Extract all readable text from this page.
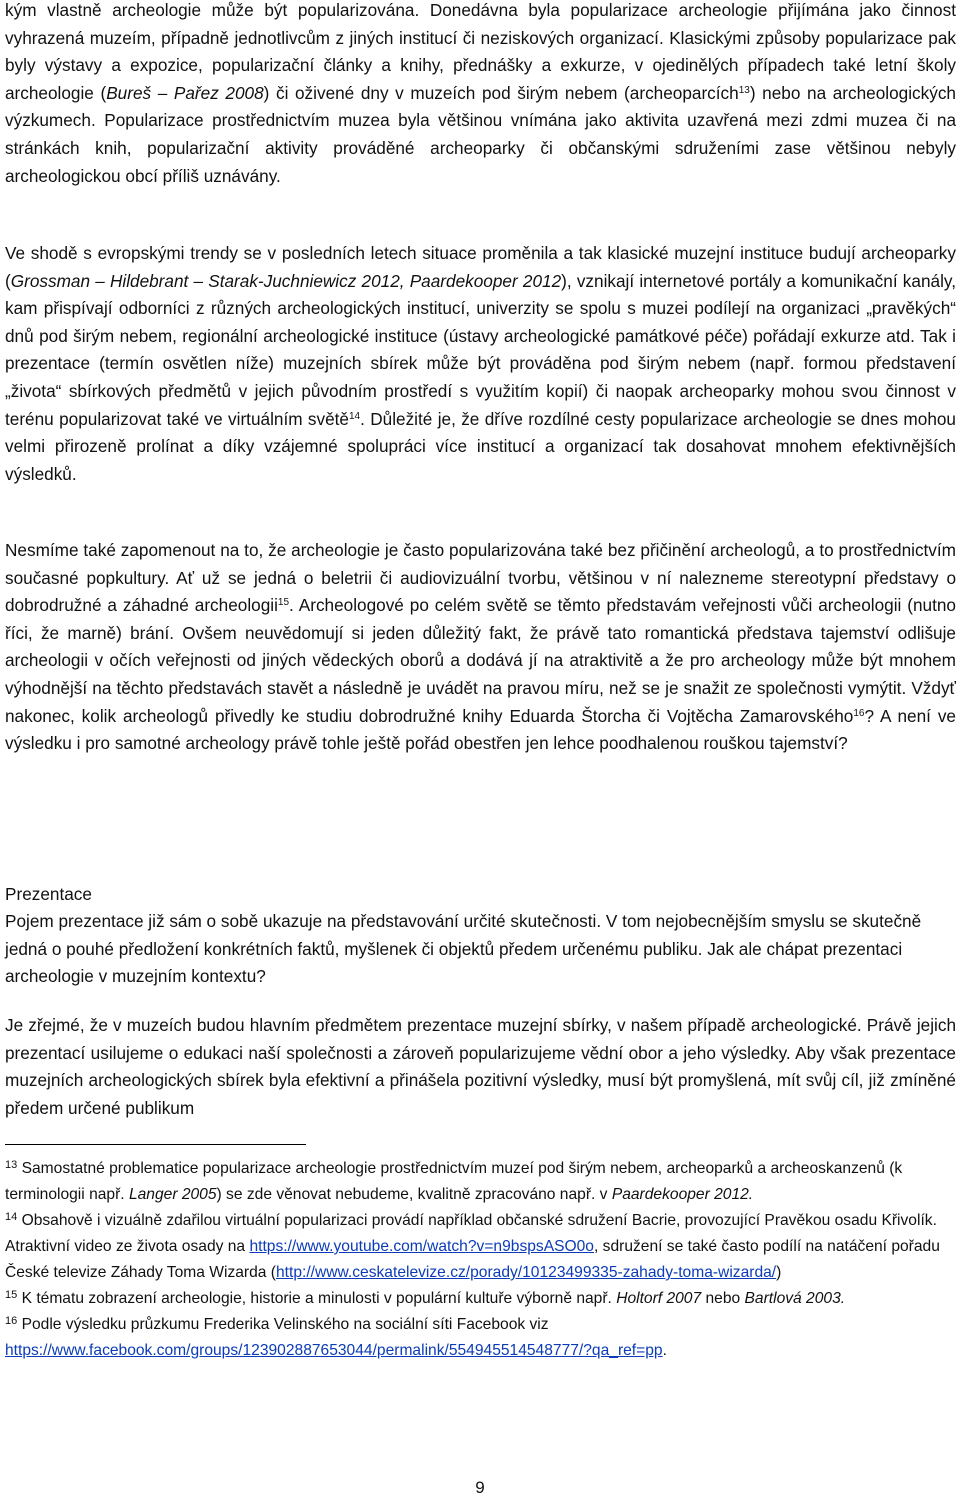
kým vlastně archeologie může být popularizována. Donedávna byla popularizace archeologie přijímána jako činnost vyhrazená muzeím, případně jednotlivcům z jiných institucí či neziskových organizací. Klasickými způsoby popularizace pak byly výstavy a expozice, popularizační články a knihy, přednášky a exkurze, v ojedinělých případech také letní školy archeologie (Bureš – Pařez 2008) či oživené dny v muzeích pod širým nebem (archeoparcích$^{13}$) nebo na archeologických výzkumech. Popularizace prostřednictvím muzea byla většinou vnímána jako aktivita uzavřená mezi zdmi muzea či na stránkách knih, popularizační aktivity prováděné archeoparky či občanskými sdruženími zase většinou nebyly archeologickou obcí příliš uznávány.

Ve shodě s evropskými trendy se v posledních letech situace proměnila a tak klasické muzejní instituce budují archeoparky (Grossman – Hildebrant – Starak-Juchniewicz 2012, Paardekooper 2012), vznikají internetové portály a komunikační kanály, kam přispívají odborníci z různých archeologických institucí, univerzity se spolu s muzei podílejí na organizaci „pravěkých“ dnů pod širým nebem, regionální archeologické instituce (ústavy archeologické památkové péče) pořádají exkurze atd. Tak i prezentace (termín osvětlen níže) muzejních sbírek může být prováděna pod širým nebem (např. formou představení „života“ sbírkových předmětů v jejich původním prostředí s využitím kopií) či naopak archeoparky mohou svou činnost v terénu popularizovat také ve virtuálním světě$^{14}$. Důležité je, že dříve rozdílné cesty popularizace archeologie se dnes mohou velmi přirozeně prolínat a díky vzájemné spolupráci více institucí a organizací tak dosahovat mnohem efektivnějších výsledků.

Nesmíme také zapomenout na to, že archeologie je často popularizována také bez přičinění archeologů, a to prostřednictvím současné popkultury. Ať už se jedná o beletrii či audiovizuální tvorbu, většinou v ní nalezneme stereotypní představy o dobrodružné a záhadné archeologii$^{15}$. Archeologové po celém světě se těmto představám veřejnosti vůči archeologii (nutno říci, že marně) brání. Ovšem neuvědomují si jeden důležitý fakt, že právě tato romantická představa tajemství odlišuje archeologii v očích veřejnosti od jiných vědeckých oborů a dodává jí na atraktivitě a že pro archeology může být mnohem výhodnější na těchto představách stavět a následně je uvádět na pravou míru, než se je snažit ze společnosti vymýtit. Vždyť nakonec, kolik archeologů přivedly ke studiu dobrodružné knihy Eduarda Štorcha či Vojtěcha Zamarovského$^{16}$? A není ve výsledku i pro samotné archeology právě tohle ještě pořád obestřen jen lehce poodhalenou rouškou tajemství?

Prezentace

Pojem prezentace již sám o sobě ukazuje na představování určité skutečnosti. V tom nejobecnějším smyslu se skutečně jedná o pouhé předložení konkrétních faktů, myšlenek či objektů předem určenému publiku. Jak ale chápat prezentaci archeologie v muzejním kontextu?

Je zřejmé, že v muzeích budou hlavním předmětem prezentace muzejní sbírky, v našem případě archeologické. Právě jejich prezentací usilujeme o edukaci naší společnosti a zároveň popularizujeme vědní obor a jeho výsledky. Aby však prezentace muzejních archeologických sbírek byla efektivní a přinášela pozitivní výsledky, musí být promyšlená, mít svůj cíl, již zmíněné předem určené publikum

$^{13}$ Samostatné problematice popularizace archeologie prostřednictvím muzeí pod širým nebem, archeoparků a archeoskanzenů (k terminologii např. Langer 2005) se zde věnovat nebudeme, kvalitně zpracováno např. v Paardekooper 2012.

$^{14}$ Obsahově i vizuálně zdařilou virtuální popularizaci provádí například občanské sdružení Bacrie, provozující Pravěkou osadu Křivolík. Atraktivní video ze života osady na https://www.youtube.com/watch?v=n9bspsASO0o, sdružení se také často podílí na natáčení pořadu České televize Záhady Toma Wizarda (http://www.ceskatelevize.cz/porady/10123499335-zahady-toma-wizarda/)

$^{15}$ K tématu zobrazení archeologie, historie a minulosti v populární kultuře výborně např. Holtorf 2007 nebo Bartlová 2003.

$^{16}$ Podle výsledku průzkumu Frederika Velinského na sociální síti Facebook viz https://www.facebook.com/groups/123902887653044/permalink/554945514548777/?qa_ref=pp.

9
